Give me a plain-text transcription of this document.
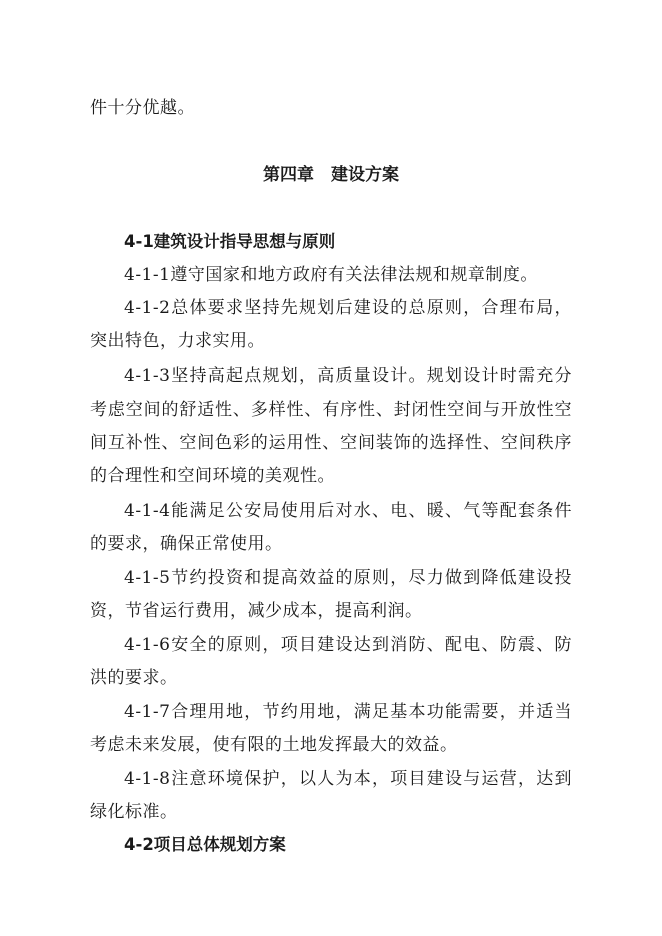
件十分优越。
第四章　建设方案
4-1建筑设计指导思想与原则
4-1-1遵守国家和地方政府有关法律法规和规章制度。
4-1-2总体要求坚持先规划后建设的总原则，合理布局，
突出特色，力求实用。
4-1-3坚持高起点规划，高质量设计。规划设计时需充分
考虑空间的舒适性、多样性、有序性、封闭性空间与开放性空
间互补性、空间色彩的运用性、空间装饰的选择性、空间秩序
的合理性和空间环境的美观性。
4-1-4能满足公安局使用后对水、电、暖、气等配套条件
的要求，确保正常使用。
4-1-5节约投资和提高效益的原则，尽力做到降低建设投
资，节省运行费用，减少成本，提高利润。
4-1-6安全的原则，项目建设达到消防、配电、防震、防
洪的要求。
4-1-7合理用地，节约用地，满足基本功能需要，并适当
考虑未来发展，使有限的土地发挥最大的效益。
4-1-8注意环境保护，以人为本，项目建设与运营，达到
绿化标准。
4-2项目总体规划方案
